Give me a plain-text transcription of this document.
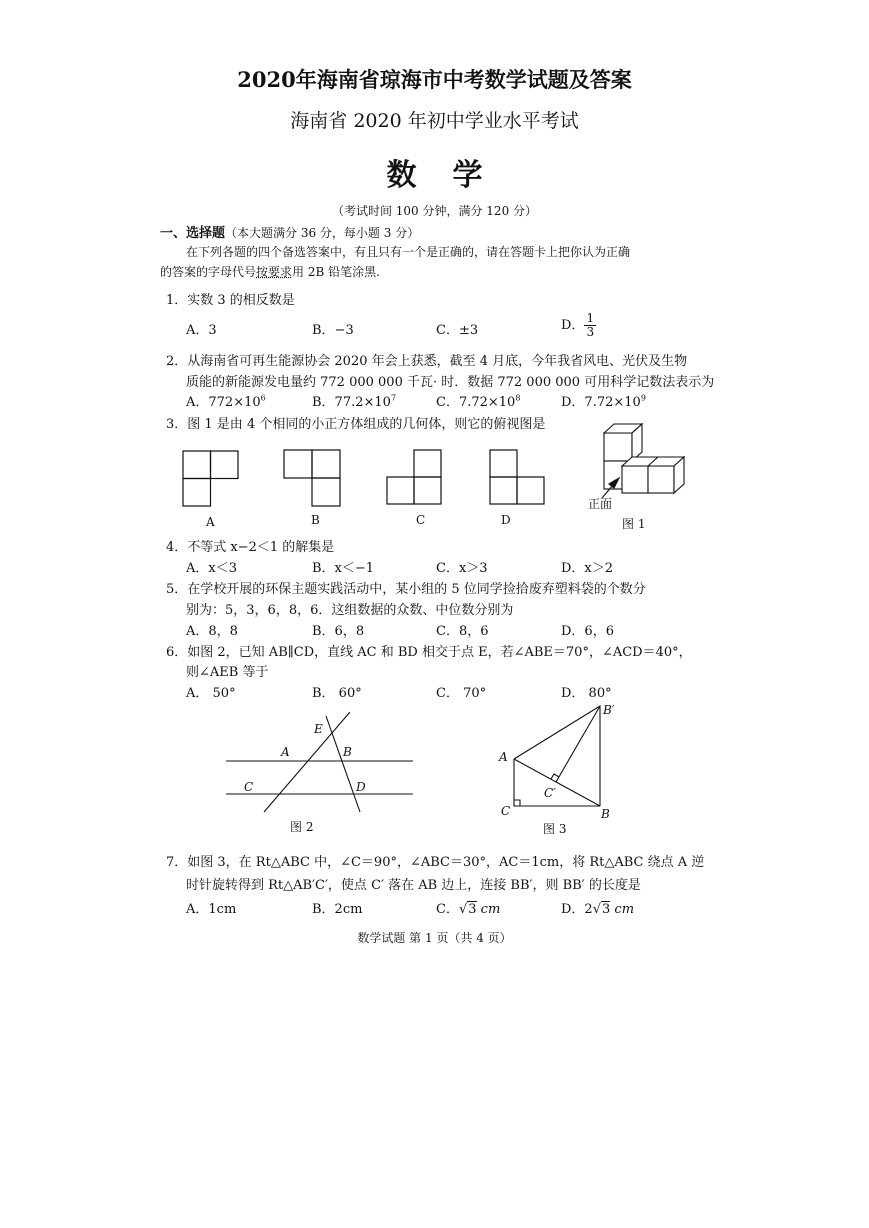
2020年海南省琼海市中考数学试题及答案
海南省 2020 年初中学业水平考试
数学
（考试时间 100 分钟，满分 120 分）
一、选择题（本大题满分 36 分，每小题 3 分）
在下列各题的四个备选答案中，有且只有一个是正确的，请在答题卡上把你认为正确
的答案的字母代号按要求用 2B 铅笔涂黑.
1．实数 3 的相反数是
A．3	B．−3	C．±3	D． $\frac{1}{3}$
2．从海南省可再生能源协会 2020 年会上获悉，截至 4 月底，今年我省风电、光伏及生物
质能的新能源发电量约 772 000 000 千瓦· 时．数据 772 000 000 可用科学记数法表示为
A．$772\times 10^6$	B．$77.2\times 10^7$	C．$7.72\times 10^8$	D．$7.72\times 10^9$
3．图 1 是由 4 个相同的小正方体组成的几何体，则它的俯视图是
A	B	C	D
正面
图 1
E
A	B
C	D
图 2
B′
A
C′
C	B
图 3
4．不等式 x−2＜1 的解集是
A．x＜3	B．x＜−1	C．x＞3	D．x＞2
5．在学校开展的环保主题实践活动中，某小组的 5 位同学捡拾废弃塑料袋的个数分
别为：5，3，6，8，6．这组数据的众数、中位数分别为
A．8，8	B．6，8	C．8，6	D．6，6
6．如图 2，已知 AB∥CD，直线 AC 和 BD 相交于点 E，若∠ABE＝70°，∠ACD＝40°，
则∠AEB 等于
A． 50°	B． 60°	C． 70°	D． 80°
7．如图 3，在 Rt△ABC 中，∠C＝90°，∠ABC＝30°，AC＝1cm，将 Rt△ABC 绕点 A 逆
时针旋转得到 Rt△AB′C′，使点 C′ 落在 AB 边上，连接 BB′，则 BB′ 的长度是
A．1cm	B．2cm	C．√3 cm	D．2√3 cm
数学试题 第 1 页（共 4 页）
